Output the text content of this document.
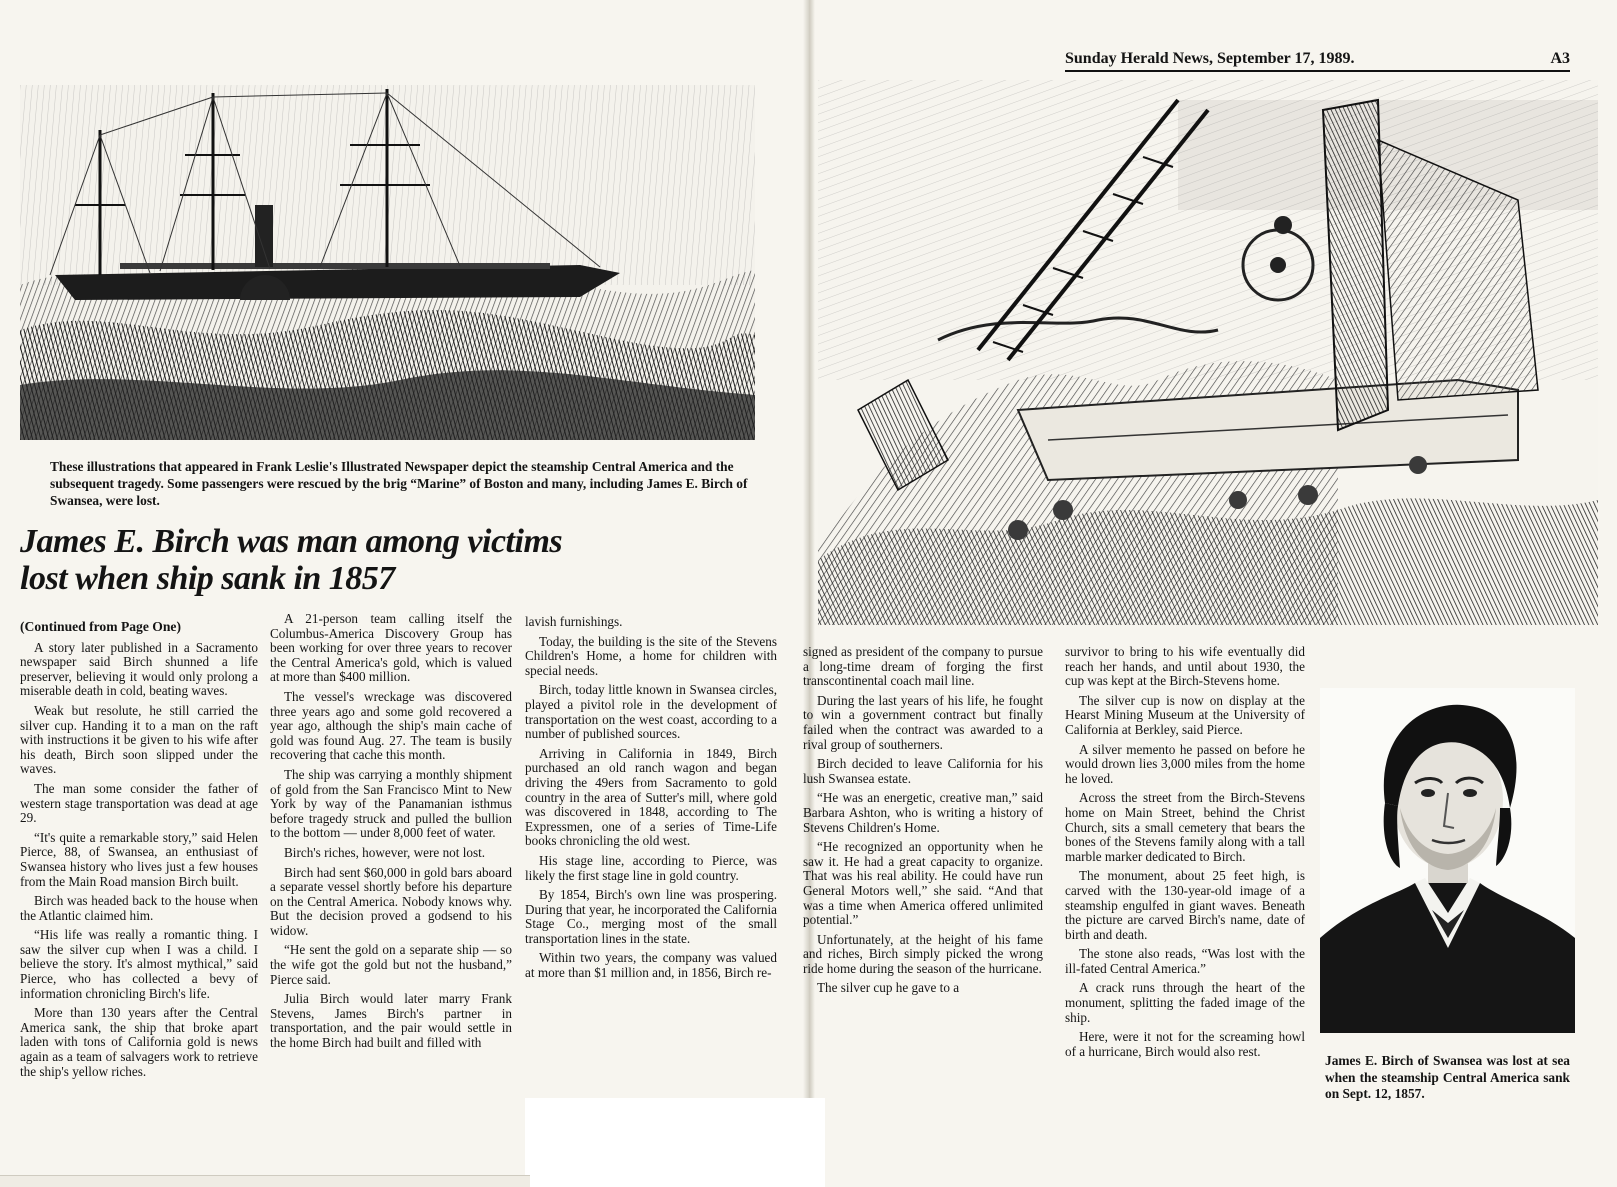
Sunday Herald News, September 17, 1989.	A3
These illustrations that appeared in Frank Leslie's Illustrated Newspaper depict the steamship Central America and the subsequent tragedy. Some passengers were rescued by the brig “Marine” of Boston and many, including James E. Birch of Swansea, were lost.
James E. Birch was man among victims
lost when ship sank in 1857
(Continued from Page One)

A story later published in a Sacramento newspaper said Birch shunned a life preserver, believing it would only prolong a miserable death in cold, beating waves.

Weak but resolute, he still carried the silver cup. Handing it to a man on the raft with instructions it be given to his wife after his death, Birch soon slipped under the waves.

The man some consider the father of western stage transportation was dead at age 29.

“It's quite a remarkable story,” said Helen Pierce, 88, of Swansea, an enthusiast of Swansea history who lives just a few houses from the Main Road mansion Birch built.

Birch was headed back to the house when the Atlantic claimed him.

“His life was really a romantic thing. I saw the silver cup when I was a child. I believe the story. It's almost mythical,” said Pierce, who has collected a bevy of information chronicling Birch's life.

More than 130 years after the Central America sank, the ship that broke apart laden with tons of California gold is news again as a team of salvagers work to retrieve the ship's yellow riches.

A 21-person team calling itself the Columbus-America Discovery Group has been working for over three years to recover the Central America's gold, which is valued at more than $400 million.

The vessel's wreckage was discovered three years ago and some gold recovered a year ago, although the ship's main cache of gold was found Aug. 27. The team is busily recovering that cache this month.

The ship was carrying a monthly shipment of gold from the San Francisco Mint to New York by way of the Panamanian isthmus before tragedy struck and pulled the bullion to the bottom — under 8,000 feet of water.

Birch's riches, however, were not lost.

Birch had sent $60,000 in gold bars aboard a separate vessel shortly before his departure on the Central America. Nobody knows why. But the decision proved a godsend to his widow.

“He sent the gold on a separate ship — so the wife got the gold but not the husband,” Pierce said.

Julia Birch would later marry Frank Stevens, James Birch's partner in transportation, and the pair would settle in the home Birch had built and filled with

lavish furnishings.

Today, the building is the site of the Stevens Children's Home, a home for children with special needs.

Birch, today little known in Swansea circles, played a pivitol role in the development of transportation on the west coast, according to a number of published sources.

Arriving in California in 1849, Birch purchased an old ranch wagon and began driving the 49ers from Sacramento to gold country in the area of Sutter's mill, where gold was discovered in 1848, according to The Expressmen, one of a series of Time-Life books chronicling the old west.

His stage line, according to Pierce, was likely the first stage line in gold country.

By 1854, Birch's own line was prospering. During that year, he incorporated the California Stage Co., merging most of the small transportation lines in the state.

Within two years, the company was valued at more than $1 million and, in 1856, Birch re-

signed as president of the company to pursue a long-time dream of forging the first transcontinental coach mail line.

During the last years of his life, he fought to win a government contract but finally failed when the contract was awarded to a rival group of southerners.

Birch decided to leave California for his lush Swansea estate.

“He was an energetic, creative man,” said Barbara Ashton, who is writing a history of Stevens Children's Home.

“He recognized an opportunity when he saw it. He had a great capacity to organize. That was his real ability. He could have run General Motors well,” she said. “And that was a time when America offered unlimited potential.”

Unfortunately, at the height of his fame and riches, Birch simply picked the wrong ride home during the season of the hurricane.

The silver cup he gave to a

survivor to bring to his wife eventually did reach her hands, and until about 1930, the cup was kept at the Birch-Stevens home.

The silver cup is now on display at the Hearst Mining Museum at the University of California at Berkley, said Pierce.

A silver memento he passed on before he would drown lies 3,000 miles from the home he loved.

Across the street from the Birch-Stevens home on Main Street, behind the Christ Church, sits a small cemetery that bears the bones of the Stevens family along with a tall marble marker dedicated to Birch.

The monument, about 25 feet high, is carved with the 130-year-old image of a steamship engulfed in giant waves. Beneath the picture are carved Birch's name, date of birth and death.

The stone also reads, “Was lost with the ill-fated Central America.”

A crack runs through the heart of the monument, splitting the faded image of the ship.

Here, were it not for the screaming howl of a hurricane, Birch would also rest.

James E. Birch of Swansea was lost at sea when the steamship Central America sank on Sept. 12, 1857.
